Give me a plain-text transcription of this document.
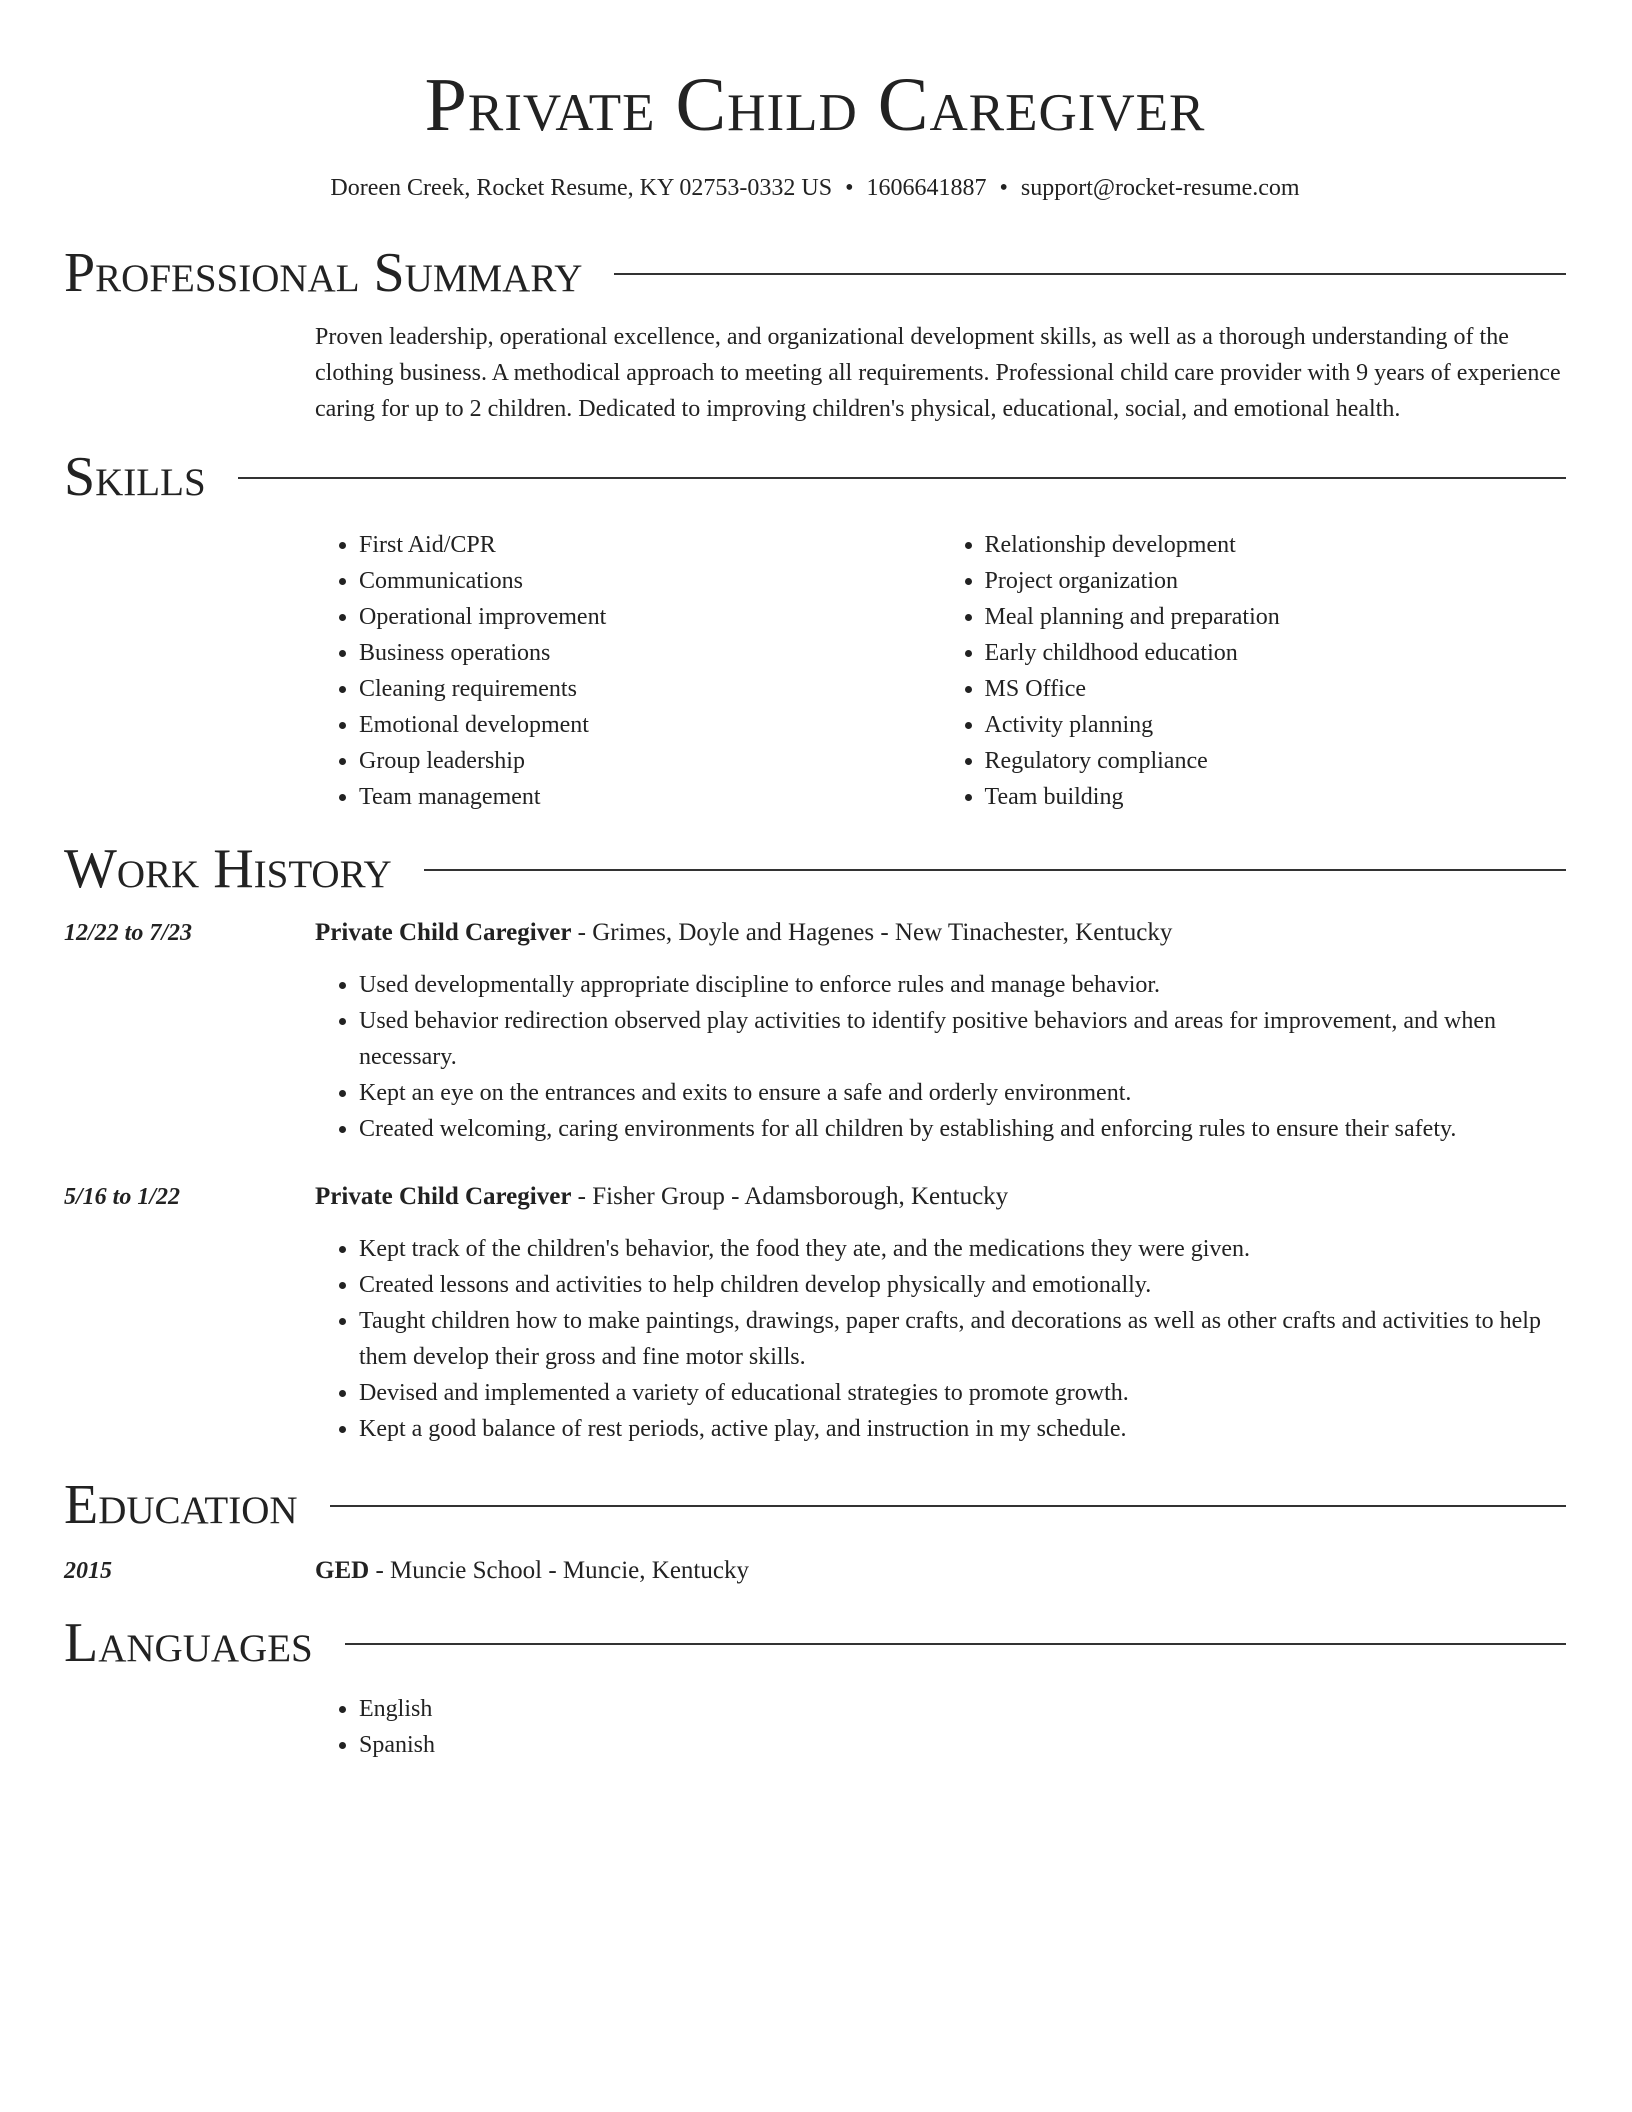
Private Child Caregiver
Doreen Creek, Rocket Resume, KY 02753-0332 US • 1606641887 • support@rocket-resume.com
Professional Summary

Proven leadership, operational excellence, and organizational development skills, as well as a thorough understanding of the clothing business. A methodical approach to meeting all requirements. Professional child care provider with 9 years of experience caring for up to 2 children. Dedicated to improving children's physical, educational, social, and emotional health.

Skills
• First Aid/CPR
• Communications
• Operational improvement
• Business operations
• Cleaning requirements
• Emotional development
• Group leadership
• Team management
• Relationship development
• Project organization
• Meal planning and preparation
• Early childhood education
• MS Office
• Activity planning
• Regulatory compliance
• Team building
Work History
12/22 to 7/23	Private Child Caregiver - Grimes, Doyle and Hagenes - New Tinachester, Kentucky
• Used developmentally appropriate discipline to enforce rules and manage behavior.
• Used behavior redirection observed play activities to identify positive behaviors and areas for improvement, and when necessary.
• Kept an eye on the entrances and exits to ensure a safe and orderly environment.
• Created welcoming, caring environments for all children by establishing and enforcing rules to ensure their safety.
5/16 to 1/22	Private Child Caregiver - Fisher Group - Adamsborough, Kentucky
• Kept track of the children's behavior, the food they ate, and the medications they were given.
• Created lessons and activities to help children develop physically and emotionally.
• Taught children how to make paintings, drawings, paper crafts, and decorations as well as other crafts and activities to help them develop their gross and fine motor skills.
• Devised and implemented a variety of educational strategies to promote growth.
• Kept a good balance of rest periods, active play, and instruction in my schedule.
Education
2015	GED - Muncie School - Muncie, Kentucky
Languages
• English
• Spanish
